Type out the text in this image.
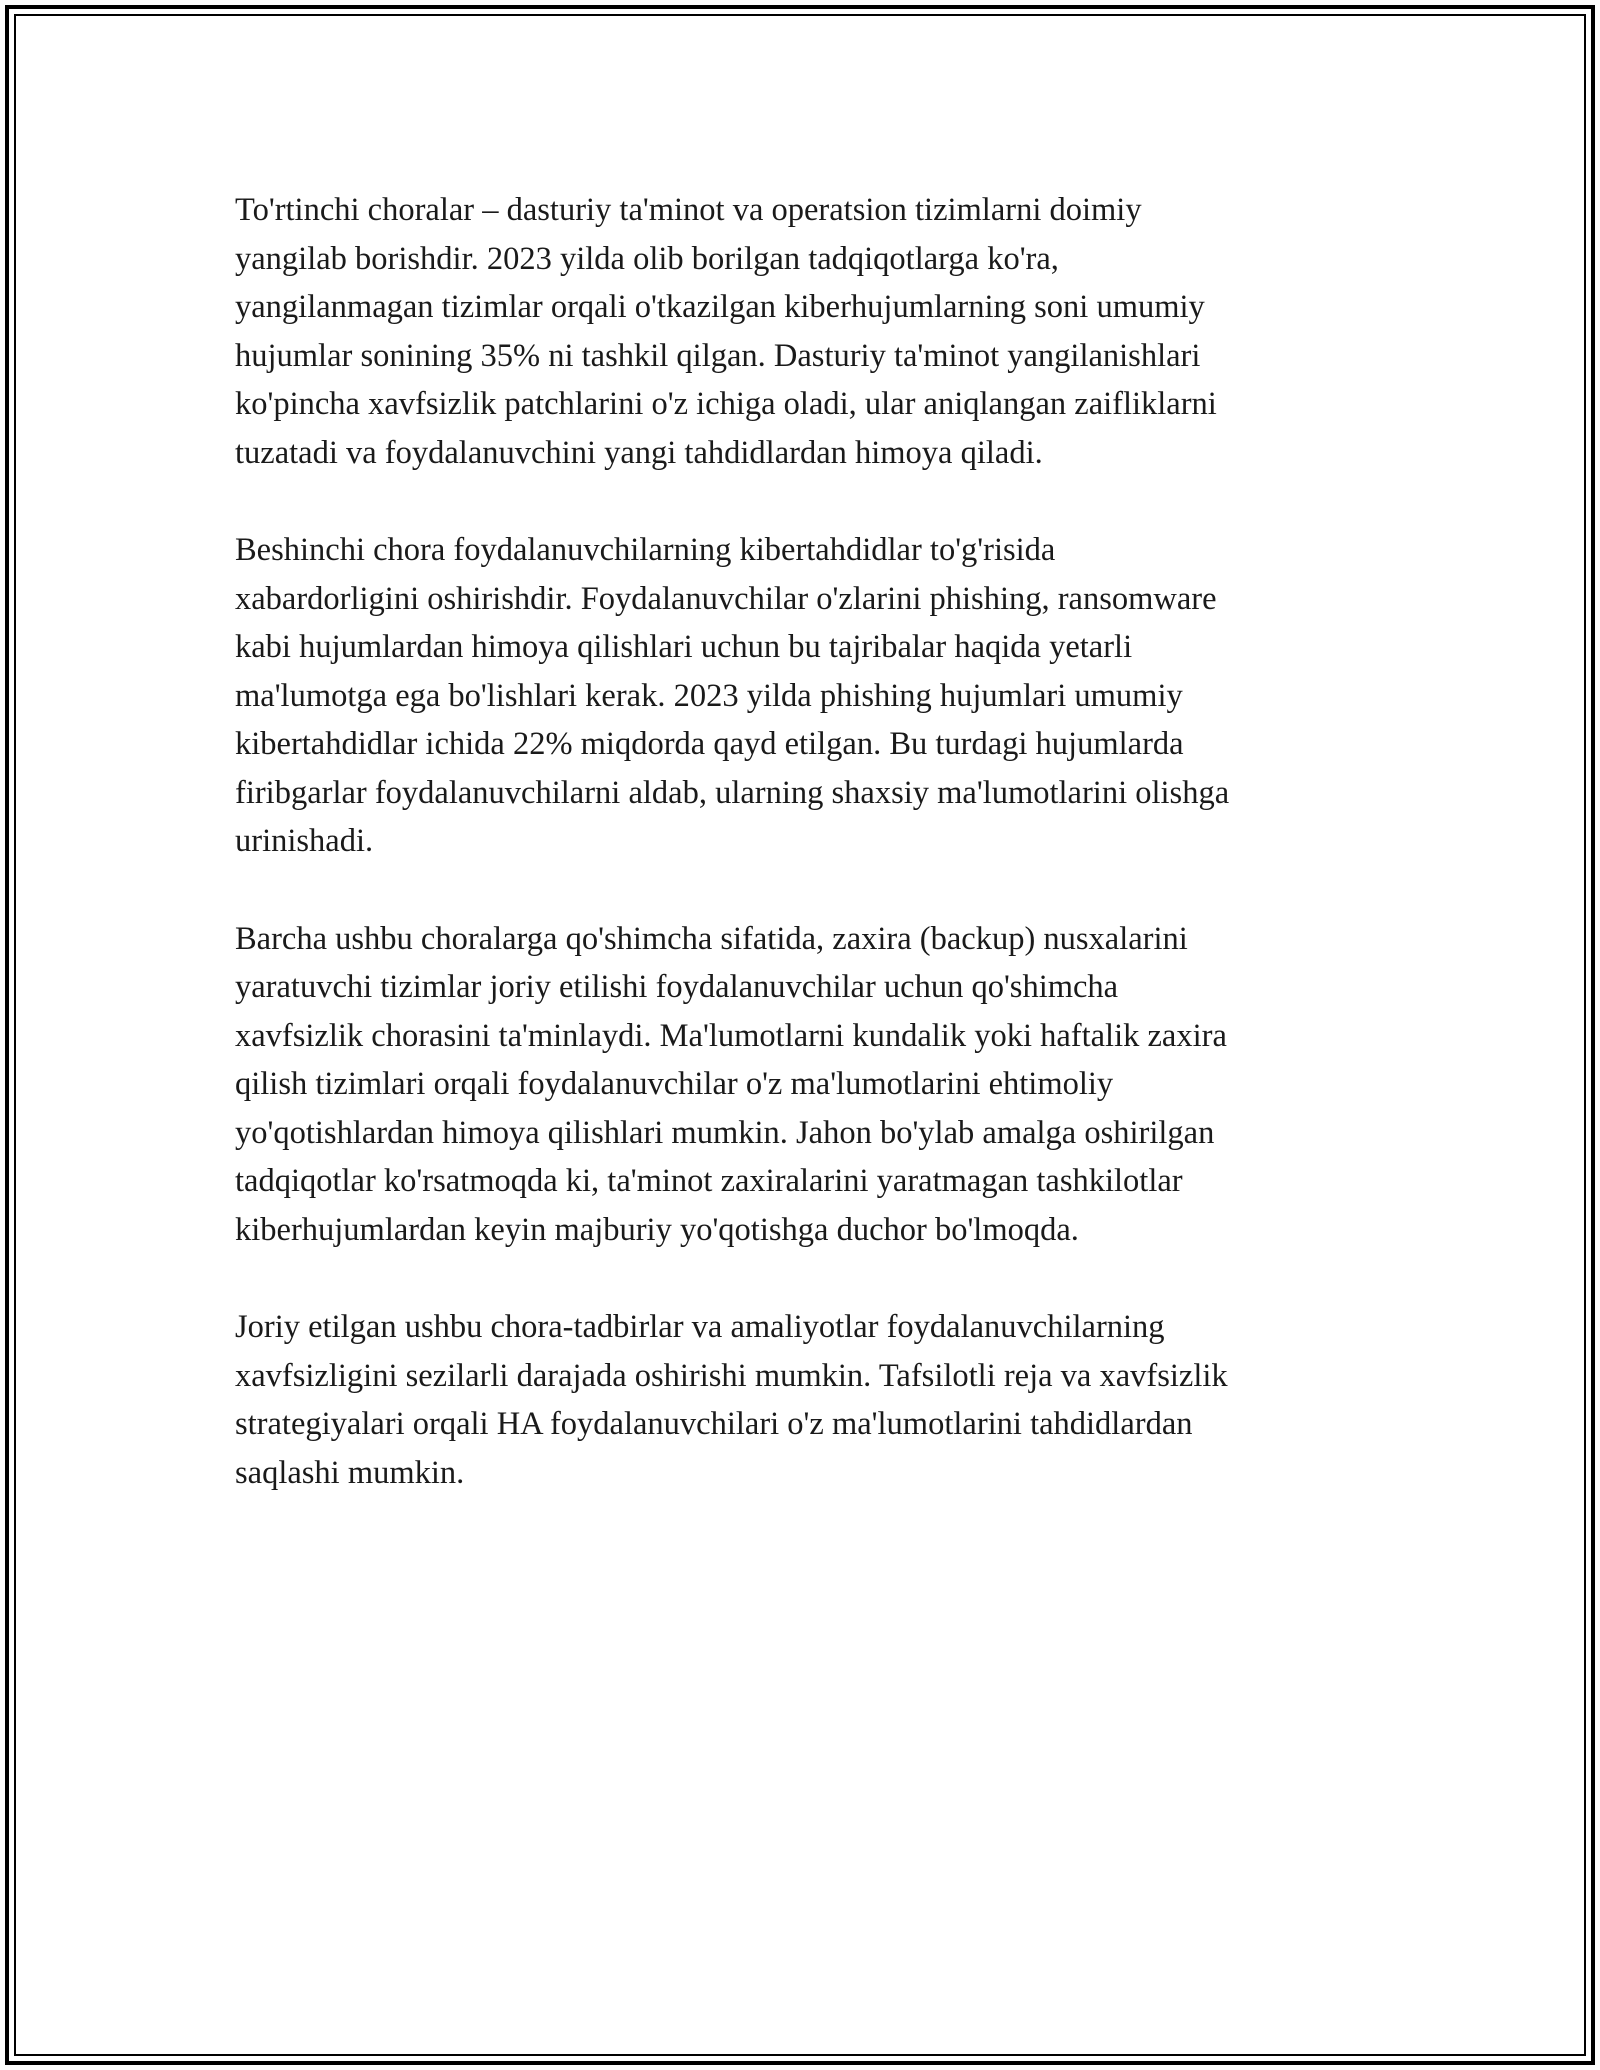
To'rtinchi choralar – dasturiy ta'minot va operatsion tizimlarni doimiy
yangilab borishdir. 2023 yilda olib borilgan tadqiqotlarga ko'ra,
yangilanmagan tizimlar orqali o'tkazilgan kiberhujumlarning soni umumiy
hujumlar sonining 35% ni tashkil qilgan. Dasturiy ta'minot yangilanishlari
ko'pincha xavfsizlik patchlarini o'z ichiga oladi, ular aniqlangan zaifliklarni
tuzatadi va foydalanuvchini yangi tahdidlardan himoya qiladi.

Beshinchi chora foydalanuvchilarning kibertahdidlar to'g'risida
xabardorligini oshirishdir. Foydalanuvchilar o'zlarini phishing, ransomware
kabi hujumlardan himoya qilishlari uchun bu tajribalar haqida yetarli
ma'lumotga ega bo'lishlari kerak. 2023 yilda phishing hujumlari umumiy
kibertahdidlar ichida 22% miqdorda qayd etilgan. Bu turdagi hujumlarda
firibgarlar foydalanuvchilarni aldab, ularning shaxsiy ma'lumotlarini olishga
urinishadi.

Barcha ushbu choralarga qo'shimcha sifatida, zaxira (backup) nusxalarini
yaratuvchi tizimlar joriy etilishi foydalanuvchilar uchun qo'shimcha
xavfsizlik chorasini ta'minlaydi. Ma'lumotlarni kundalik yoki haftalik zaxira
qilish tizimlari orqali foydalanuvchilar o'z ma'lumotlarini ehtimoliy
yo'qotishlardan himoya qilishlari mumkin. Jahon bo'ylab amalga oshirilgan
tadqiqotlar ko'rsatmoqda ki, ta'minot zaxiralarini yaratmagan tashkilotlar
kiberhujumlardan keyin majburiy yo'qotishga duchor bo'lmoqda.

Joriy etilgan ushbu chora-tadbirlar va amaliyotlar foydalanuvchilarning
xavfsizligini sezilarli darajada oshirishi mumkin. Tafsilotli reja va xavfsizlik
strategiyalari orqali HA foydalanuvchilari o'z ma'lumotlarini tahdidlardan
saqlashi mumkin.
